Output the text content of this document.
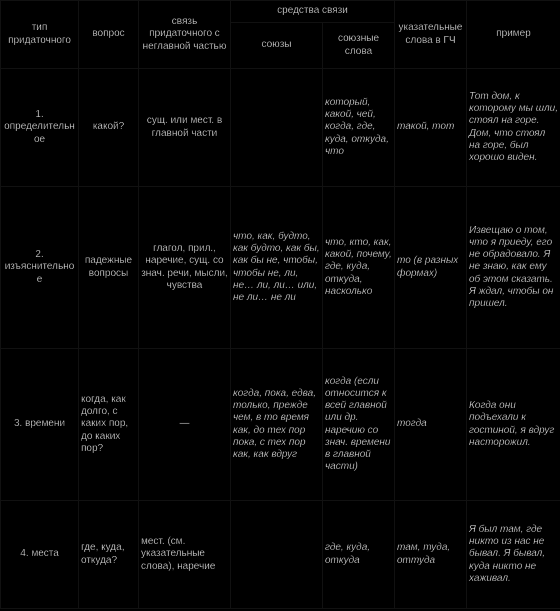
тип придаточного	вопрос	связь придаточного с неглавной частью	средства связи		указательные слова в ГЧ	пример
			союзы	союзные слова		
1. определительное	какой?	сущ. или мест. в главной части		который, какой, чей, когда, где, куда, откуда, что	такой, тот	Тот дом, к которому мы шли, стоял на горе. Дом, что стоял на горе, был хорошо виден.
2. изъяснительное	падежные вопросы	глагол, прил., наречие, сущ. со знач. речи, мысли, чувства	что, как, будто, как будто, как бы, как бы не, чтобы, чтобы не, ли, не… ли, ли… или, не ли… не ли	что, кто, как, какой, почему, где, куда, откуда, насколько	то (в разных формах)	Извещаю о том, что я приеду, его не обрадовало. Я не знаю, как ему об этом сказать. Я ждал, чтобы он пришел.
3. времени	когда, как долго, с каких пор, до каких пор?	—	когда, пока, едва, только, прежде чем, в то время как, до тех пор пока, с тех пор как, как вдруг	когда (если относится к всей главной или др. наречию со знач. времени в главной части)	тогда	Когда они подъехали к гостиной, я вдруг насторожил.
4. места	где, куда, откуда?	мест. (см. указательные слова), наречие		где, куда, откуда	там, туда, оттуда	Я был там, где никто из нас не бывал. Я бывал, куда никто не хаживал.
